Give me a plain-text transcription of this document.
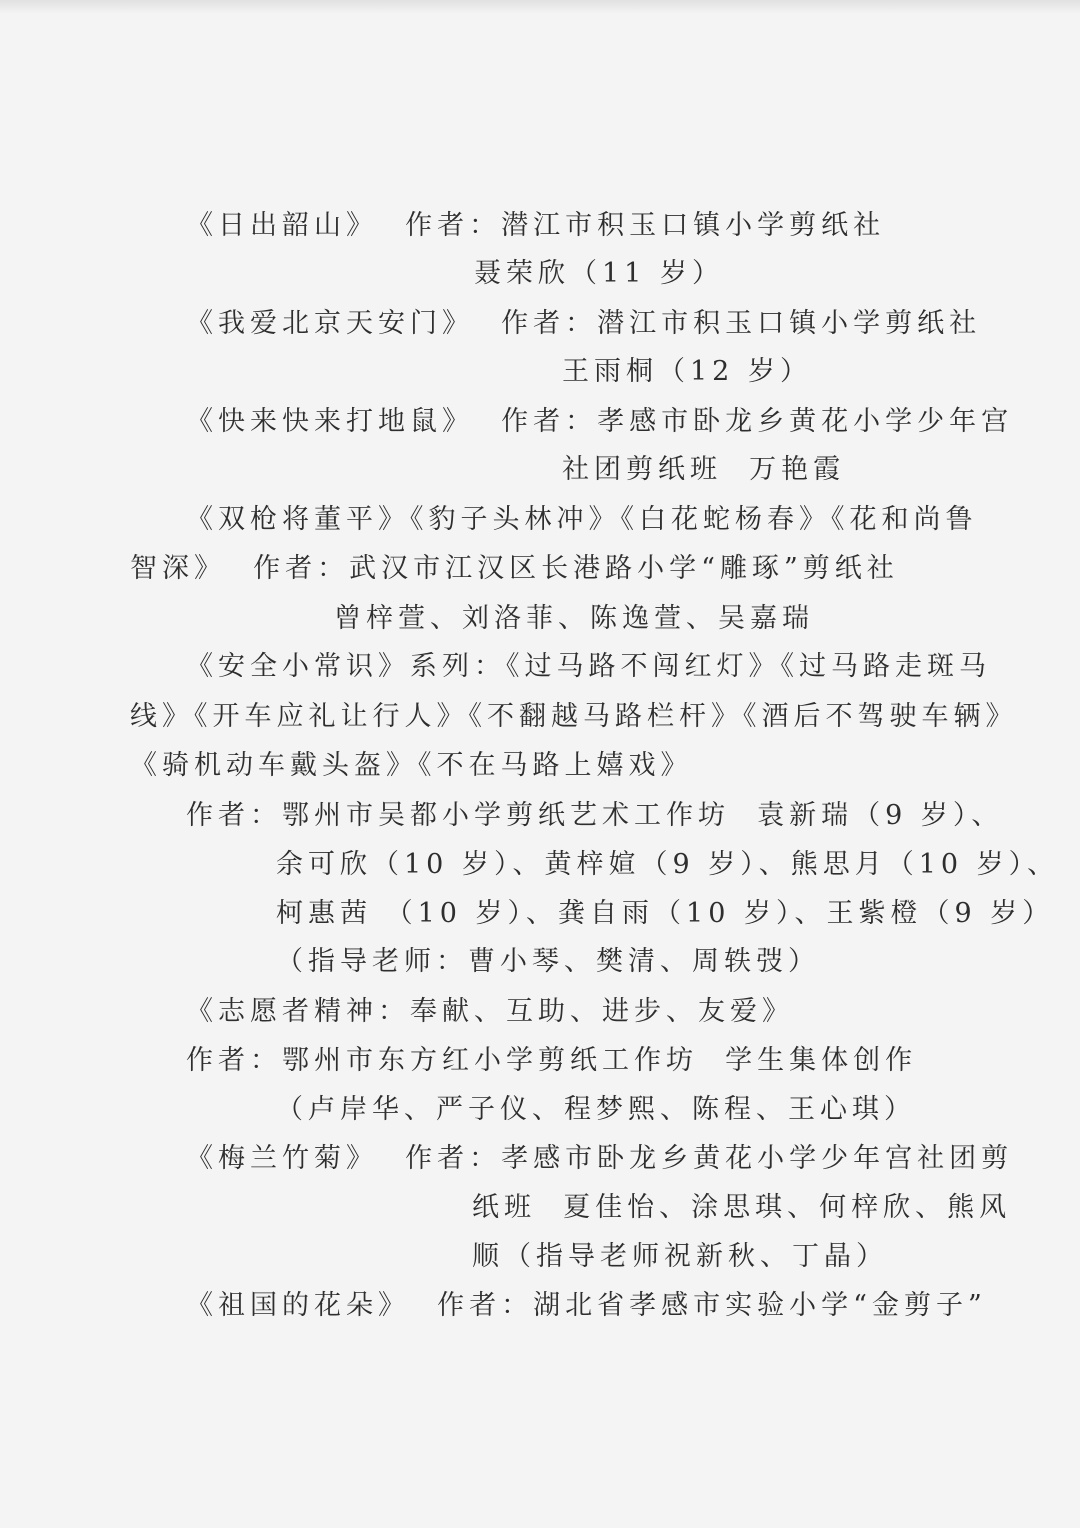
《日出韶山》  作者：潜江市积玉口镇小学剪纸社
聂荣欣（11 岁）
《我爱北京天安门》  作者：潜江市积玉口镇小学剪纸社
王雨桐（12 岁）
《快来快来打地鼠》  作者：孝感市卧龙乡黄花小学少年宫
社团剪纸班  万艳霞
《双枪将董平》《豹子头林冲》《白花蛇杨春》《花和尚鲁
智深》  作者：武汉市江汉区长港路小学“雕琢”剪纸社
曾梓萱、刘洛菲、陈逸萱、吴嘉瑞
《安全小常识》系列：《过马路不闯红灯》《过马路走斑马
线》《开车应礼让行人》《不翻越马路栏杆》《酒后不驾驶车辆》
《骑机动车戴头盔》《不在马路上嬉戏》
作者：鄂州市吴都小学剪纸艺术工作坊  袁新瑞（9 岁）、
余可欣（10 岁）、黄梓媗（9 岁）、熊思月（10 岁）、
柯惠茜 （10 岁）、龚自雨（10 岁）、王紫橙（9 岁）
（指导老师：曹小琴、樊清、周轶弢）
《志愿者精神：奉献、互助、进步、友爱》
作者：鄂州市东方红小学剪纸工作坊  学生集体创作
（卢岸华、严子仪、程梦熙、陈程、王心琪）
《梅兰竹菊》  作者：孝感市卧龙乡黄花小学少年宫社团剪
纸班  夏佳怡、涂思琪、何梓欣、熊风
顺（指导老师祝新秋、丁晶）
《祖国的花朵》  作者：湖北省孝感市实验小学“金剪子”
